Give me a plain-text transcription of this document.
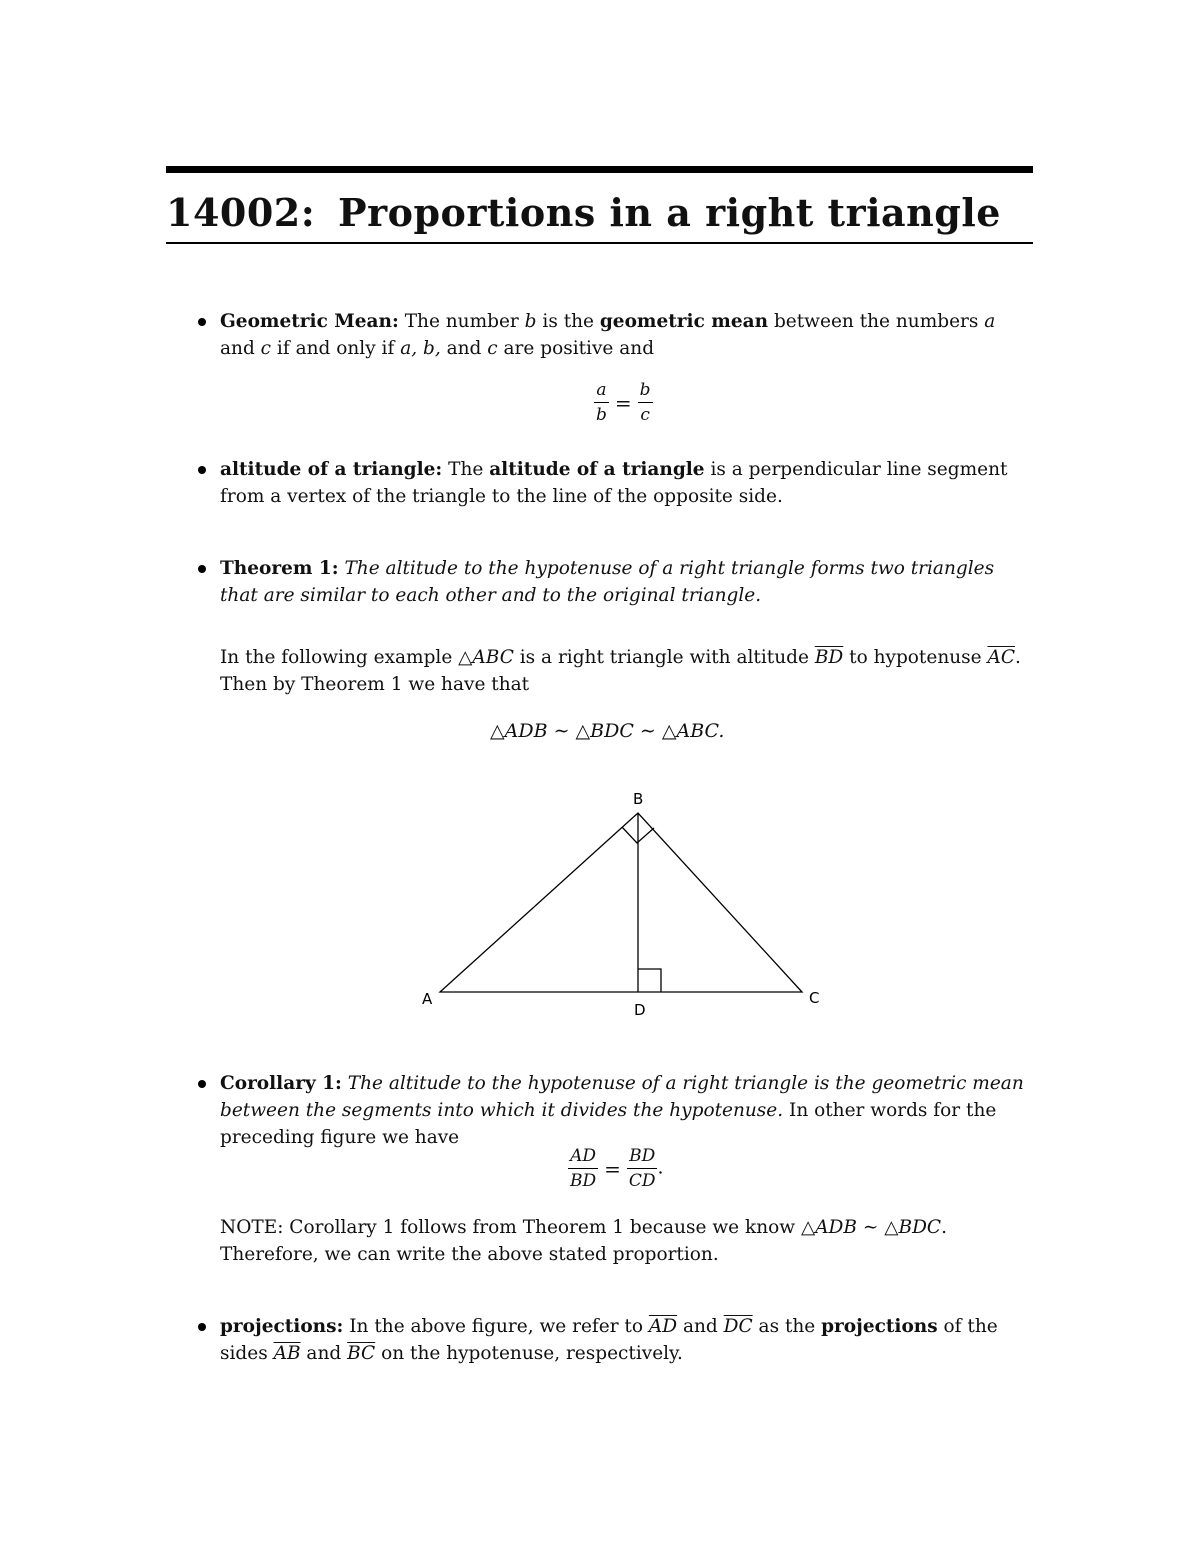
14002: Proportions in a right triangle
Geometric Mean: The number b is the geometric mean between the numbers a
and c if and only if a, b, and c are positive and
$\frac{a}{b} = \frac{b}{c}$
altitude of a triangle: The altitude of a triangle is a perpendicular line segment from a vertex of the triangle to the line of the opposite side.
Theorem 1: The altitude to the hypotenuse of a right triangle forms two triangles that are similar to each other and to the original triangle.
In the following example △ABC is a right triangle with altitude $\overline{BD}$ to hypotenuse $\overline{AC}$.
Then by Theorem 1 we have that
△ADB ∼ △BDC ∼ △ABC.
B
A	C
D
Corollary 1: The altitude to the hypotenuse of a right triangle is the geometric mean between the segments into which it divides the hypotenuse. In other words for the preceding figure we have
$\frac{AD}{BD} = \frac{BD}{CD}$ .
NOTE: Corollary 1 follows from Theorem 1 because we know △ADB ∼ △BDC. Therefore, we can write the above stated proportion.
projections: In the above figure, we refer to $\overline{AD}$ and $\overline{DC}$ as the projections of the sides $\overline{AB}$ and $\overline{BC}$ on the hypotenuse, respectively.
